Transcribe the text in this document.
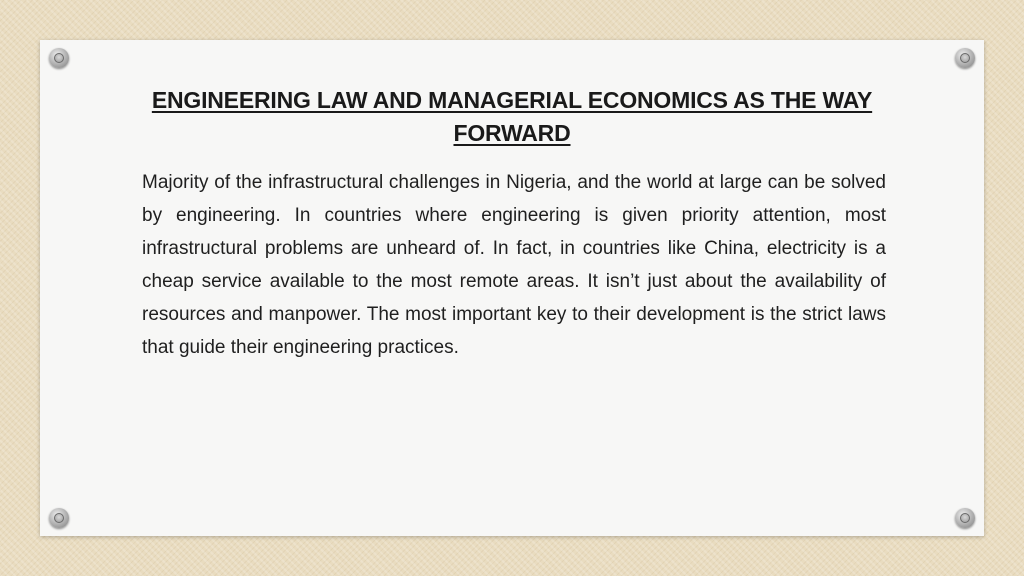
ENGINEERING LAW AND MANAGERIAL ECONOMICS AS THE WAY FORWARD

Majority of the infrastructural challenges in Nigeria, and the world at large can be solved by engineering. In countries where engineering is given priority attention, most infrastructural problems are unheard of. In fact, in countries like China, electricity is a cheap service available to the most remote areas. It isn’t just about the availability of resources and manpower. The most important key to their development is the strict laws that guide their engineering practices.
